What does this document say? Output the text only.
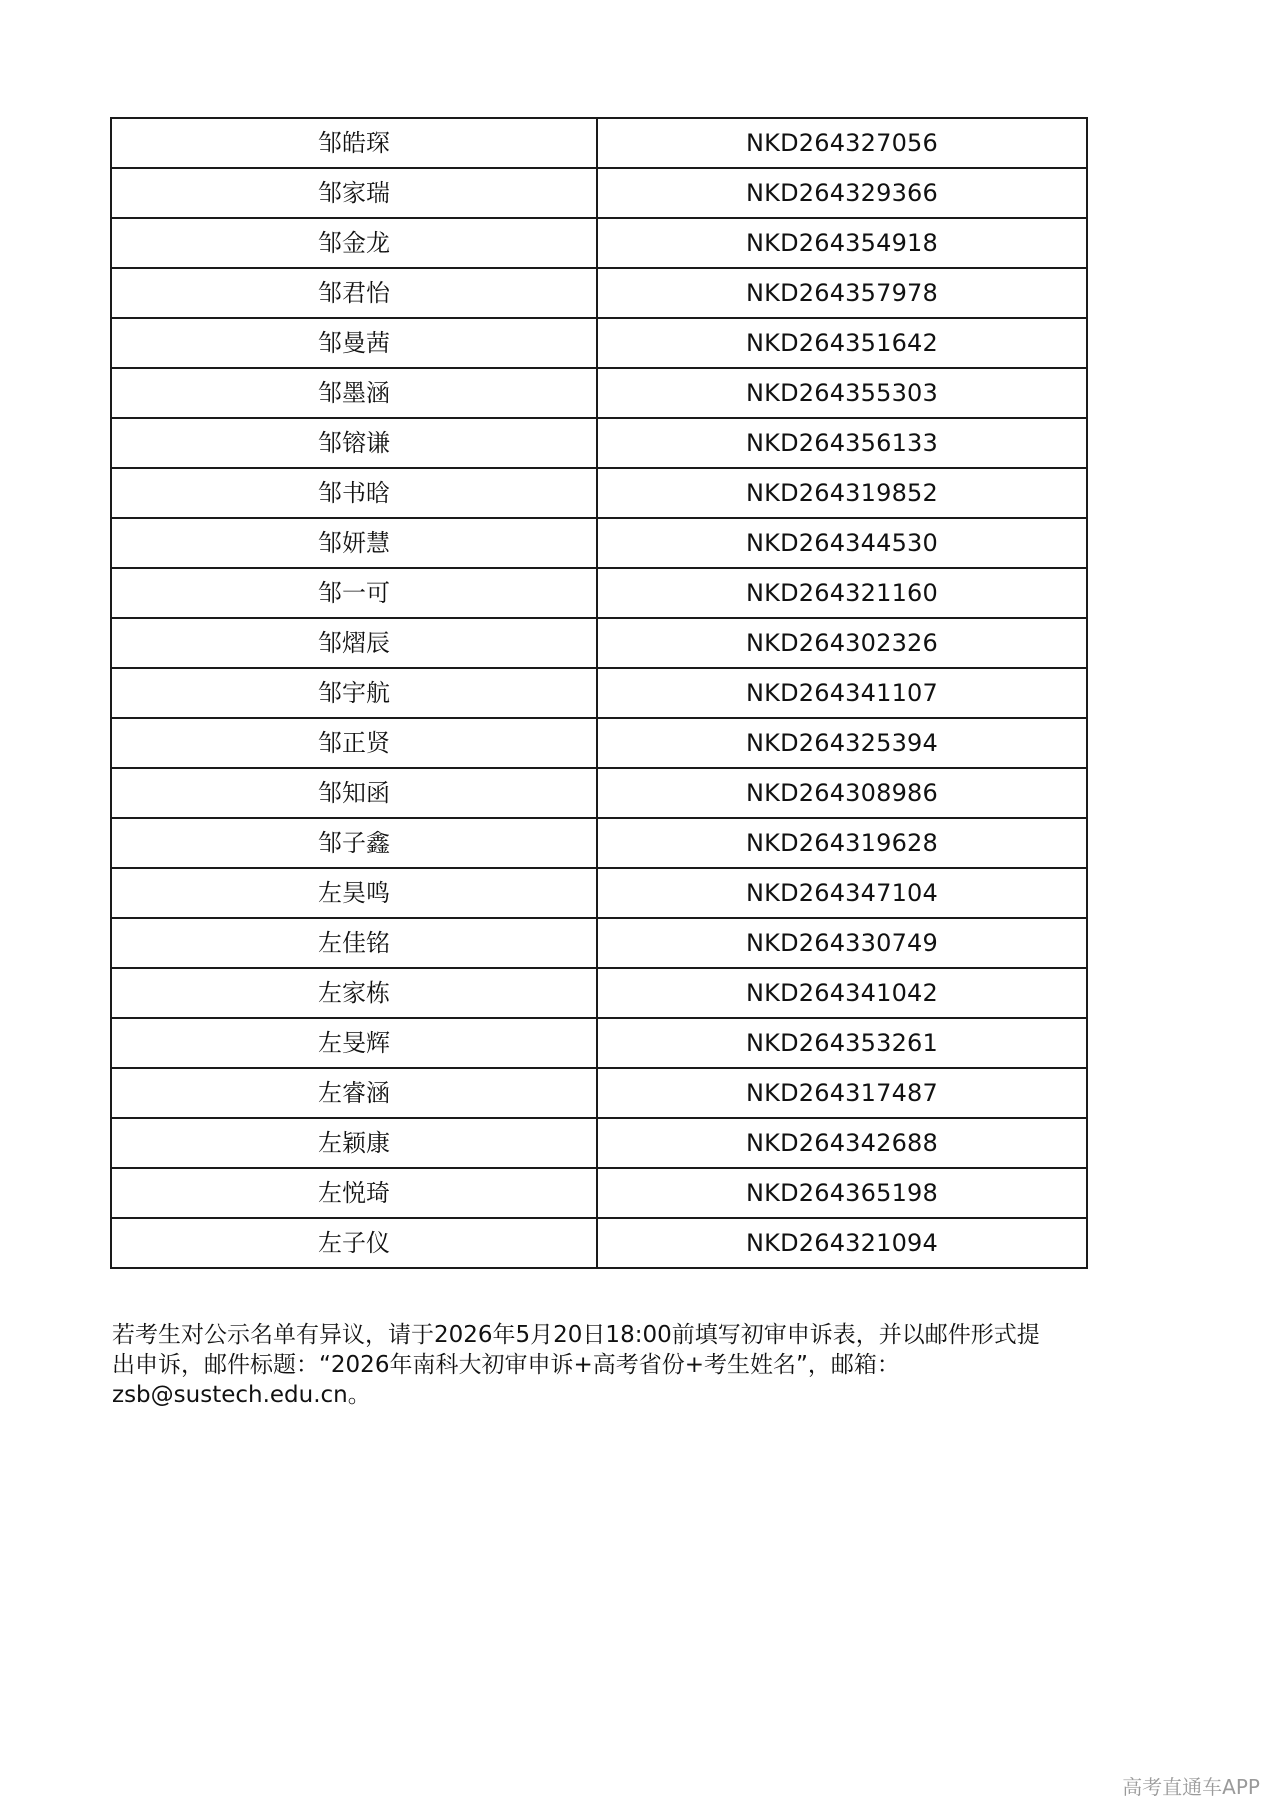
邹皓琛	NKD264327056
邹家瑞	NKD264329366
邹金龙	NKD264354918
邹君怡	NKD264357978
邹曼茜	NKD264351642
邹墨涵	NKD264355303
邹镕谦	NKD264356133
邹书晗	NKD264319852
邹妍慧	NKD264344530
邹一可	NKD264321160
邹熠辰	NKD264302326
邹宇航	NKD264341107
邹正贤	NKD264325394
邹知函	NKD264308986
邹子鑫	NKD264319628
左昊鸣	NKD264347104
左佳铭	NKD264330749
左家栋	NKD264341042
左旻辉	NKD264353261
左睿涵	NKD264317487
左颖康	NKD264342688
左悦琦	NKD264365198
左子仪	NKD264321094

若考生对公示名单有异议，请于2026年5月20日18:00前填写初审申诉表，并以邮件形式提

出申诉，邮件标题：“2026年南科大初审申诉+高考省份+考生姓名”，邮箱：

zsb@sustech.edu.cn。

高考直通车APP
